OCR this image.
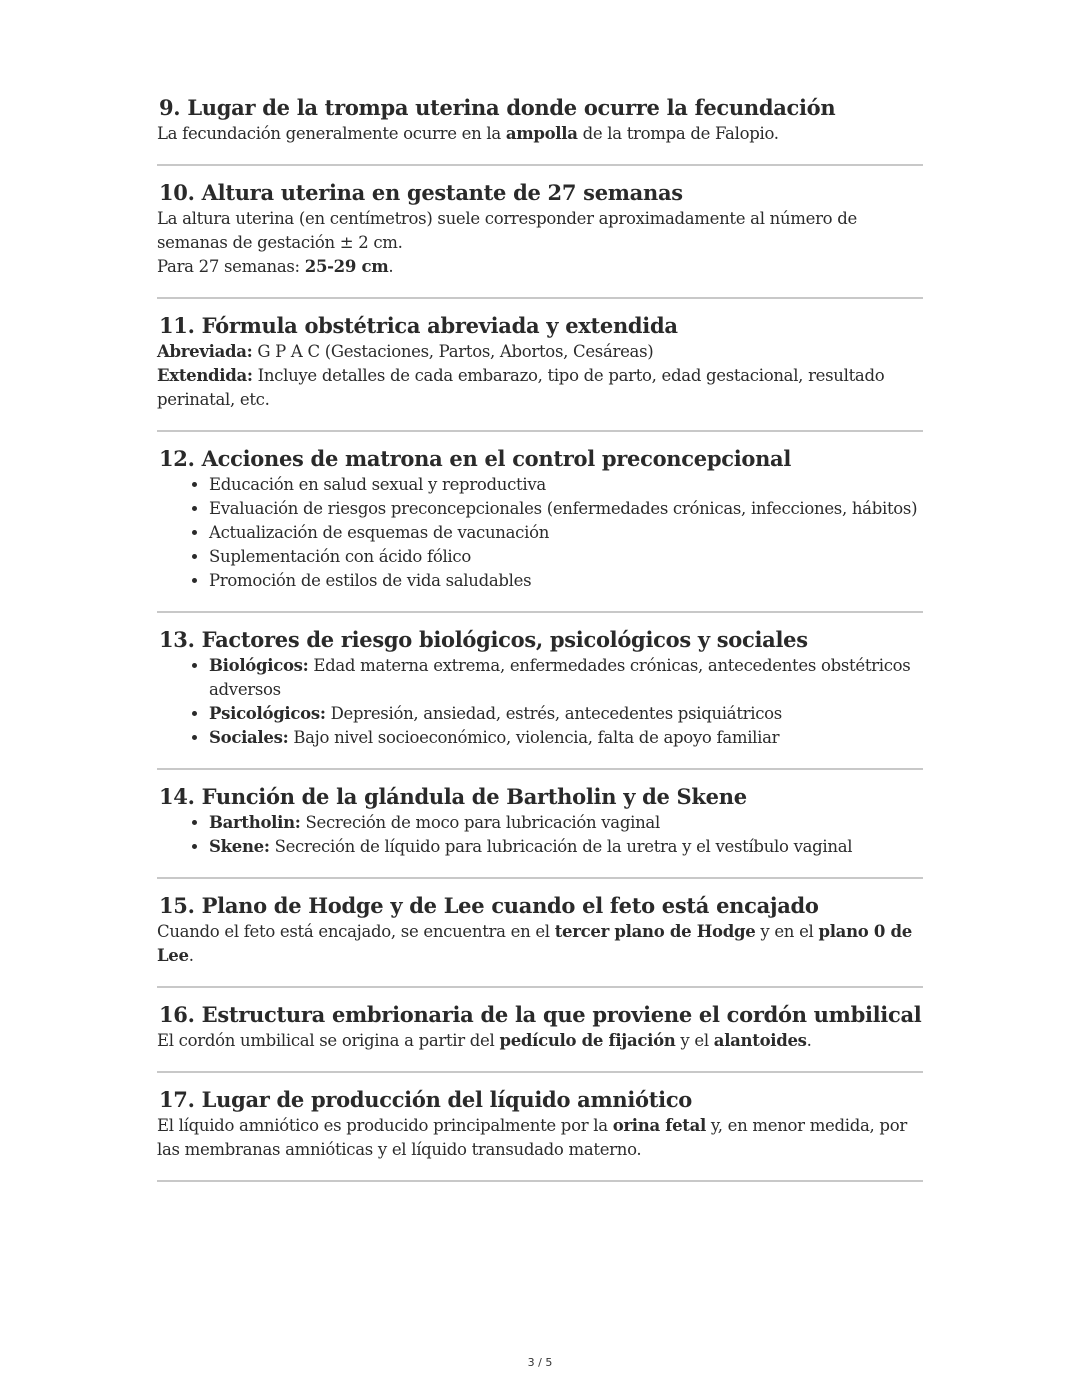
9. Lugar de la trompa uterina donde ocurre la fecundación

La fecundación generalmente ocurre en la ampolla de la trompa de Falopio.

10. Altura uterina en gestante de 27 semanas

La altura uterina (en centímetros) suele corresponder aproximadamente al número de semanas de gestación ± 2 cm.

Para 27 semanas: 25-29 cm.

11. Fórmula obstétrica abreviada y extendida

Abreviada: G P A C (Gestaciones, Partos, Abortos, Cesáreas)

Extendida: Incluye detalles de cada embarazo, tipo de parto, edad gestacional, resultado perinatal, etc.

12. Acciones de matrona en el control preconcepcional
• Educación en salud sexual y reproductiva
• Evaluación de riesgos preconcepcionales (enfermedades crónicas, infecciones, hábitos)
• Actualización de esquemas de vacunación
• Suplementación con ácido fólico
• Promoción de estilos de vida saludables
13. Factores de riesgo biológicos, psicológicos y sociales
• Biológicos: Edad materna extrema, enfermedades crónicas, antecedentes obstétricos adversos
• Psicológicos: Depresión, ansiedad, estrés, antecedentes psiquiátricos
• Sociales: Bajo nivel socioeconómico, violencia, falta de apoyo familiar
14. Función de la glándula de Bartholin y de Skene
• Bartholin: Secreción de moco para lubricación vaginal
• Skene: Secreción de líquido para lubricación de la uretra y el vestíbulo vaginal
15. Plano de Hodge y de Lee cuando el feto está encajado

Cuando el feto está encajado, se encuentra en el tercer plano de Hodge y en el plano 0 de Lee.

16. Estructura embrionaria de la que proviene el cordón umbilical

El cordón umbilical se origina a partir del pedículo de fijación y el alantoides.

17. Lugar de producción del líquido amniótico

El líquido amniótico es producido principalmente por la orina fetal y, en menor medida, por las membranas amnióticas y el líquido transudado materno.

3 / 5
